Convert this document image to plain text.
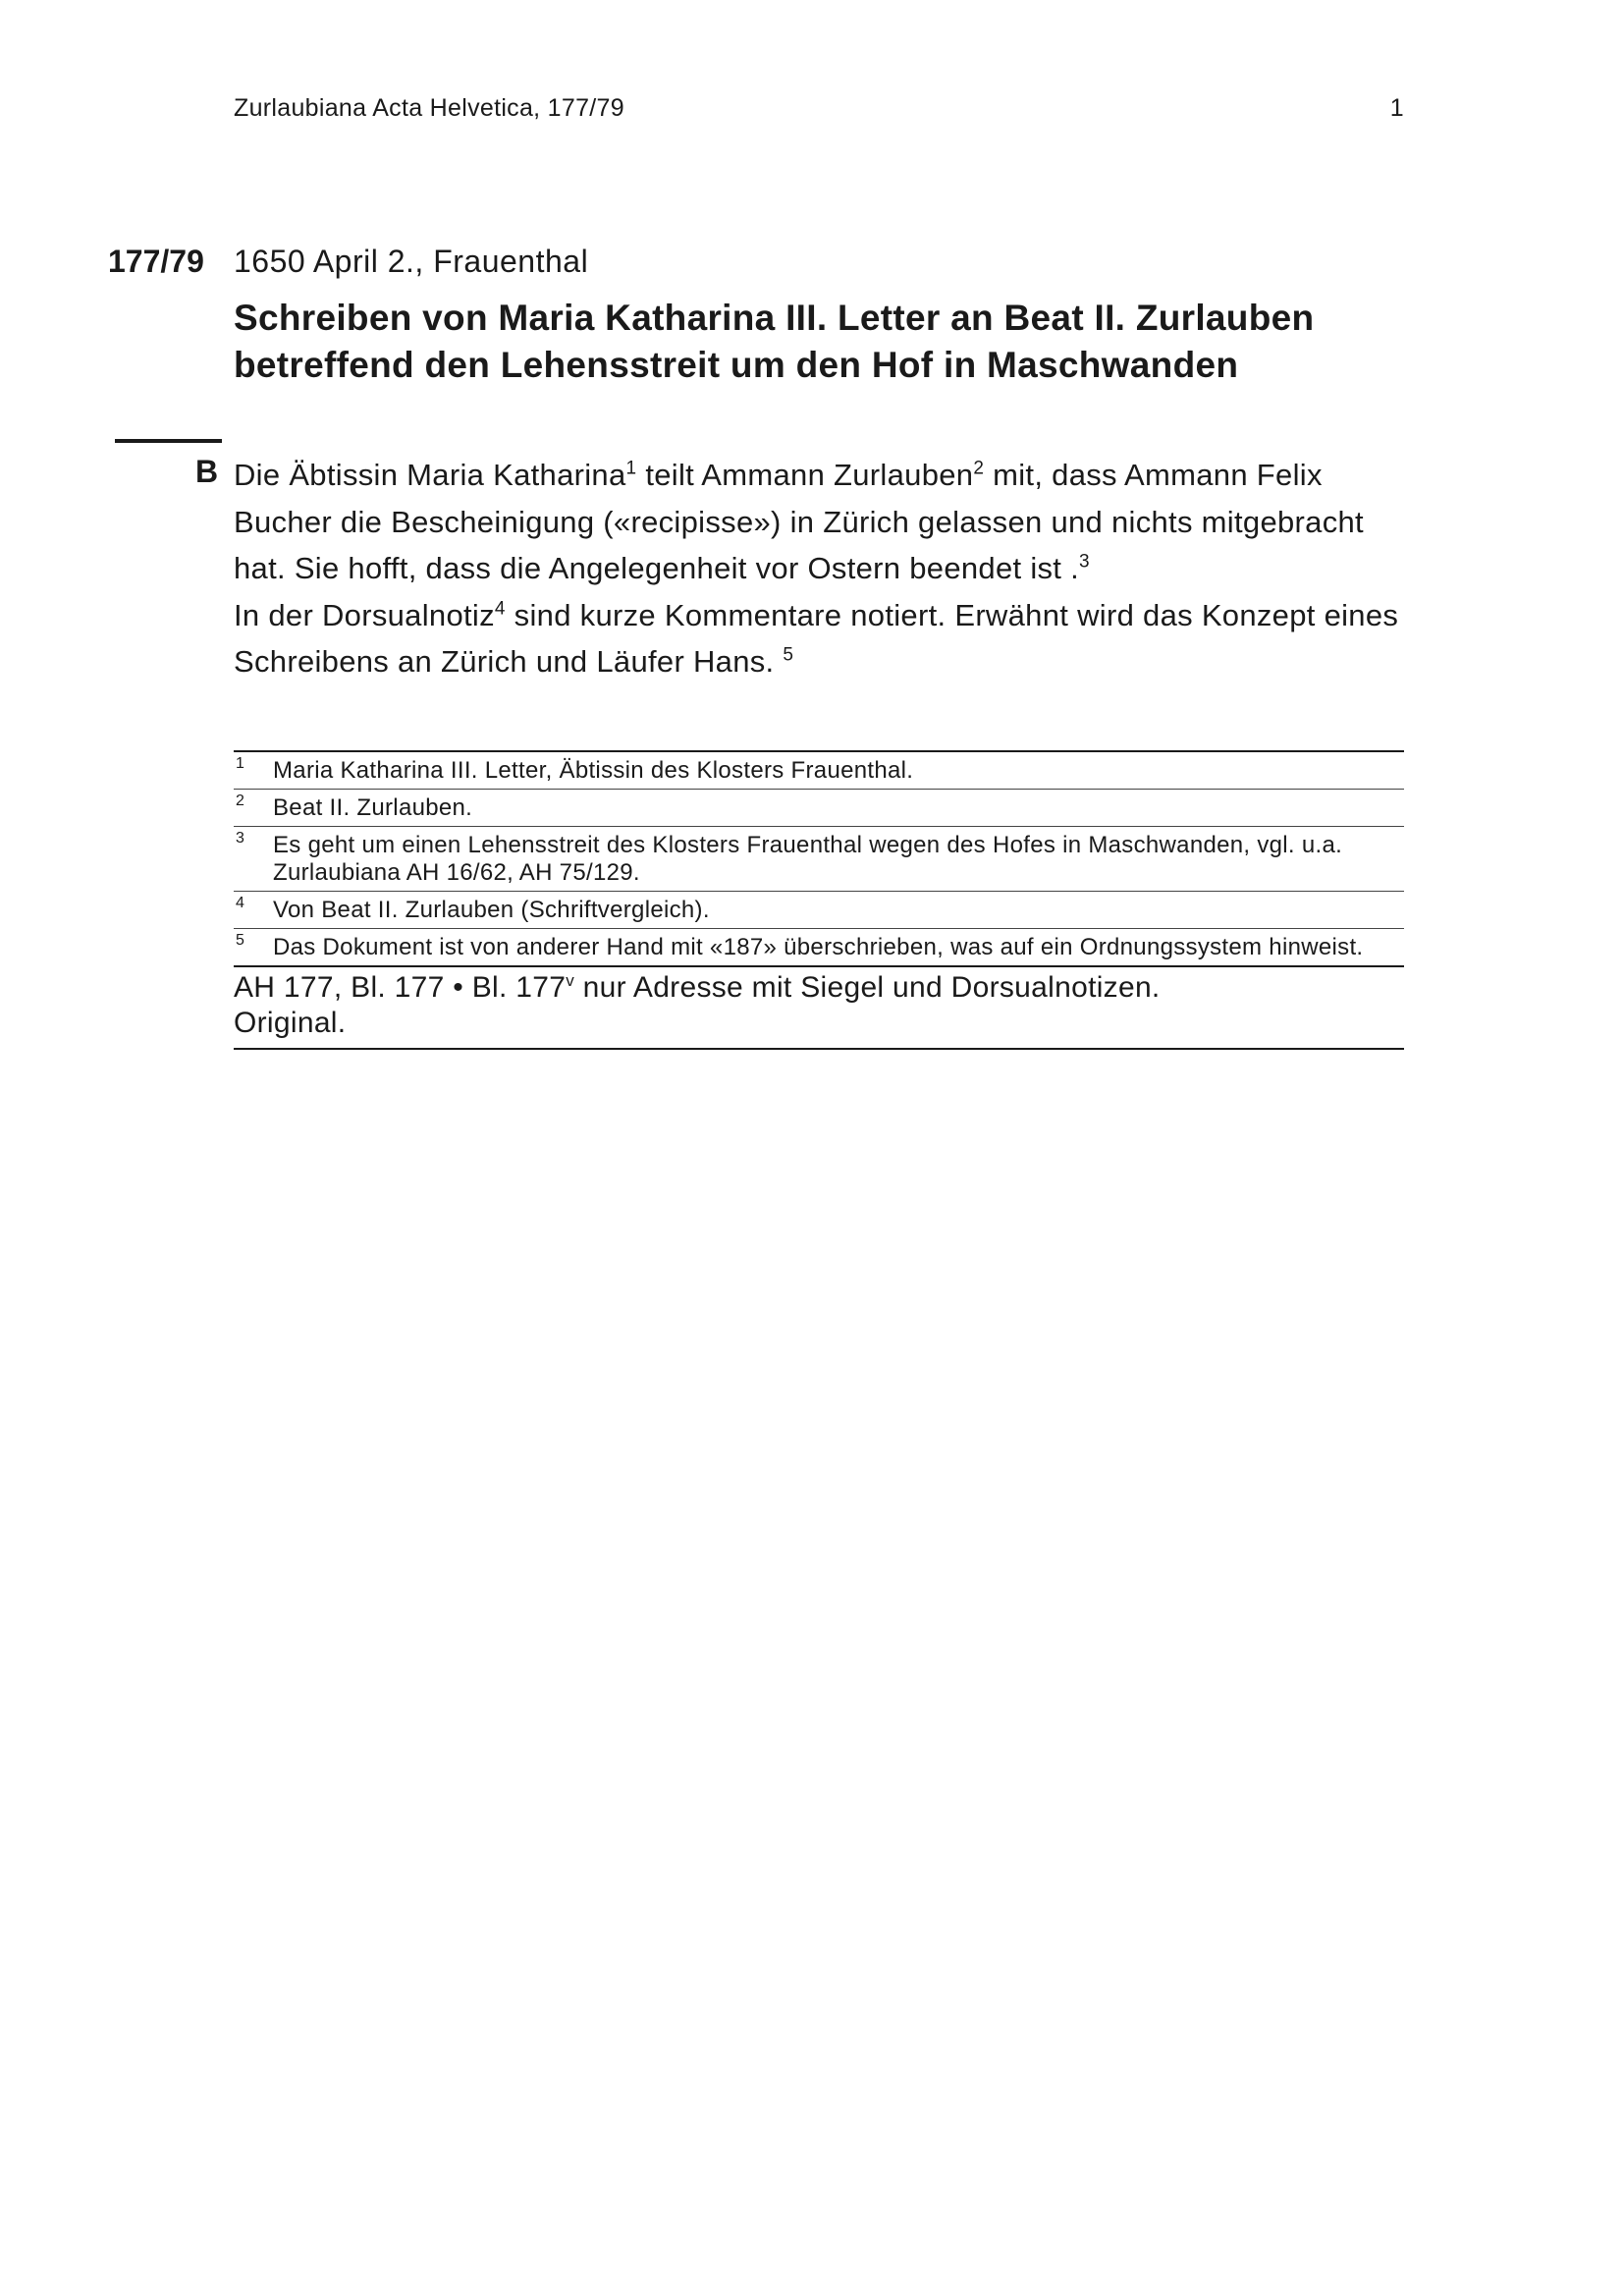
Zurlaubiana Acta Helvetica, 177/79	1
177/79 1650 April 2., Frauenthal
Schreiben von Maria Katharina III. Letter an Beat II. Zurlauben betreffend den Lehensstreit um den Hof in Maschwanden
B Die Äbtissin Maria Katharina$^1$ teilt Ammann Zurlauben$^2$ mit, dass Ammann Felix Bucher die Bescheinigung («recipisse») in Zürich gelassen und nichts mitgebracht hat. Sie hofft, dass die Angelegenheit vor Ostern beendet ist .$^3$

In der Dorsualnotiz$^4$ sind kurze Kommentare notiert. Erwähnt wird das Konzept eines Schreibens an Zürich und Läufer Hans. $^5$

1 Maria Katharina III. Letter, Äbtissin des Klosters Frauenthal.
2 Beat II. Zurlauben.
3 Es geht um einen Lehensstreit des Klosters Frauenthal wegen des Hofes in Maschwanden, vgl. u.a. Zurlaubiana AH 16/62, AH 75/129.
4 Von Beat II. Zurlauben (Schriftvergleich).
5 Das Dokument ist von anderer Hand mit «187» überschrieben, was auf ein Ordnungssystem hinweist.
AH 177, Bl. 177 • Bl. 177$^v$ nur Adresse mit Siegel und Dorsualnotizen.
Original.
